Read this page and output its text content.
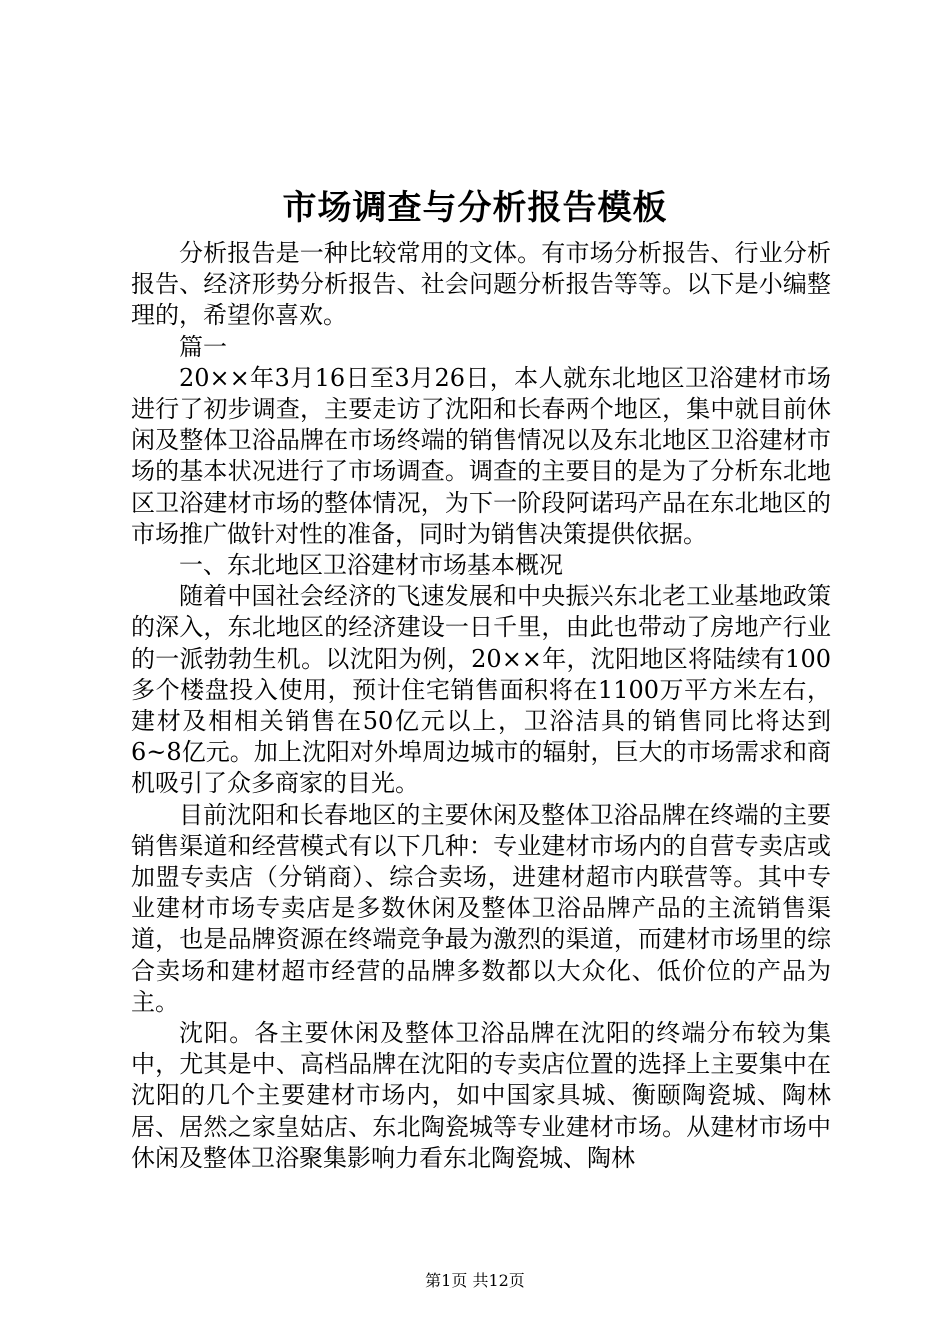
市场调查与分析报告模板

分析报告是一种比较常用的文体。有市场分析报告、行业分析报告、经济形势分析报告、社会问题分析报告等等。以下是小编整理的，希望你喜欢。

篇一

20××年3月16日至3月26日，本人就东北地区卫浴建材市场进行了初步调查，主要走访了沈阳和长春两个地区，集中就目前休闲及整体卫浴品牌在市场终端的销售情况以及东北地区卫浴建材市场的基本状况进行了市场调查。调查的主要目的是为了分析东北地区卫浴建材市场的整体情况，为下一阶段阿诺玛产品在东北地区的市场推广做针对性的准备，同时为销售决策提供依据。

一、东北地区卫浴建材市场基本概况

随着中国社会经济的飞速发展和中央振兴东北老工业基地政策的深入，东北地区的经济建设一日千里，由此也带动了房地产行业的一派勃勃生机。以沈阳为例，20××年，沈阳地区将陆续有100多个楼盘投入使用，预计住宅销售面积将在1100万平方米左右，建材及相相关销售在50亿元以上，卫浴洁具的销售同比将达到6~8亿元。加上沈阳对外埠周边城市的辐射，巨大的市场需求和商机吸引了众多商家的目光。

目前沈阳和长春地区的主要休闲及整体卫浴品牌在终端的主要销售渠道和经营模式有以下几种：专业建材市场内的自营专卖店或加盟专卖店（分销商）、综合卖场，进建材超市内联营等。其中专业建材市场专卖店是多数休闲及整体卫浴品牌产品的主流销售渠道，也是品牌资源在终端竞争最为激烈的渠道，而建材市场里的综合卖场和建材超市经营的品牌多数都以大众化、低价位的产品为主。

沈阳。各主要休闲及整体卫浴品牌在沈阳的终端分布较为集中，尤其是中、高档品牌在沈阳的专卖店位置的选择上主要集中在沈阳的几个主要建材市场内，如中国家具城、衡颐陶瓷城、陶林居、居然之家皇姑店、东北陶瓷城等专业建材市场。从建材市场中休闲及整体卫浴聚集影响力看东北陶瓷城、陶林

第1页 共12页
